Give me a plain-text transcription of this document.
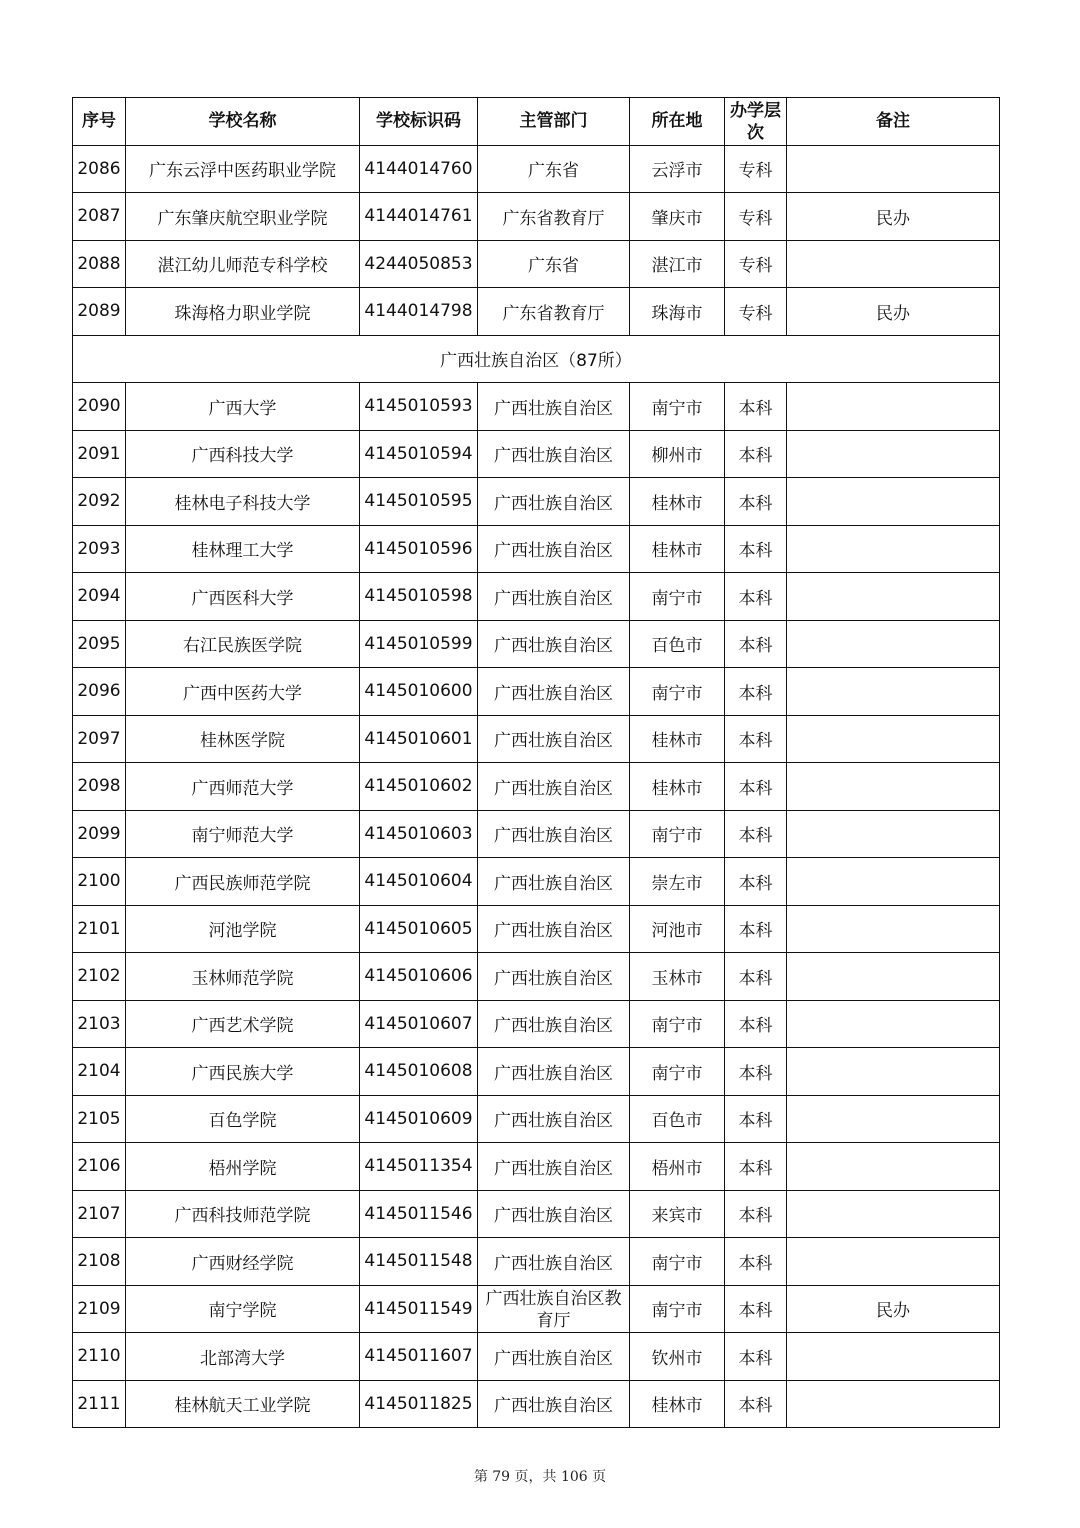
序号	学校名称	学校标识码	主管部门	所在地	办学层次	备注
2086	广东云浮中医药职业学院	4144014760	广东省	云浮市	专科	
2087	广东肇庆航空职业学院	4144014761	广东省教育厅	肇庆市	专科	民办
2088	湛江幼儿师范专科学校	4244050853	广东省	湛江市	专科	
2089	珠海格力职业学院	4144014798	广东省教育厅	珠海市	专科	民办
广西壮族自治区（87所）						
2090	广西大学	4145010593	广西壮族自治区	南宁市	本科	
2091	广西科技大学	4145010594	广西壮族自治区	柳州市	本科	
2092	桂林电子科技大学	4145010595	广西壮族自治区	桂林市	本科	
2093	桂林理工大学	4145010596	广西壮族自治区	桂林市	本科	
2094	广西医科大学	4145010598	广西壮族自治区	南宁市	本科	
2095	右江民族医学院	4145010599	广西壮族自治区	百色市	本科	
2096	广西中医药大学	4145010600	广西壮族自治区	南宁市	本科	
2097	桂林医学院	4145010601	广西壮族自治区	桂林市	本科	
2098	广西师范大学	4145010602	广西壮族自治区	桂林市	本科	
2099	南宁师范大学	4145010603	广西壮族自治区	南宁市	本科	
2100	广西民族师范学院	4145010604	广西壮族自治区	崇左市	本科	
2101	河池学院	4145010605	广西壮族自治区	河池市	本科	
2102	玉林师范学院	4145010606	广西壮族自治区	玉林市	本科	
2103	广西艺术学院	4145010607	广西壮族自治区	南宁市	本科	
2104	广西民族大学	4145010608	广西壮族自治区	南宁市	本科	
2105	百色学院	4145010609	广西壮族自治区	百色市	本科	
2106	梧州学院	4145011354	广西壮族自治区	梧州市	本科	
2107	广西科技师范学院	4145011546	广西壮族自治区	来宾市	本科	
2108	广西财经学院	4145011548	广西壮族自治区	南宁市	本科	
2109	南宁学院	4145011549	广西壮族自治区教育厅	南宁市	本科	民办
2110	北部湾大学	4145011607	广西壮族自治区	钦州市	本科	
2111	桂林航天工业学院	4145011825	广西壮族自治区	桂林市	本科	
第 79 页，共 106 页
